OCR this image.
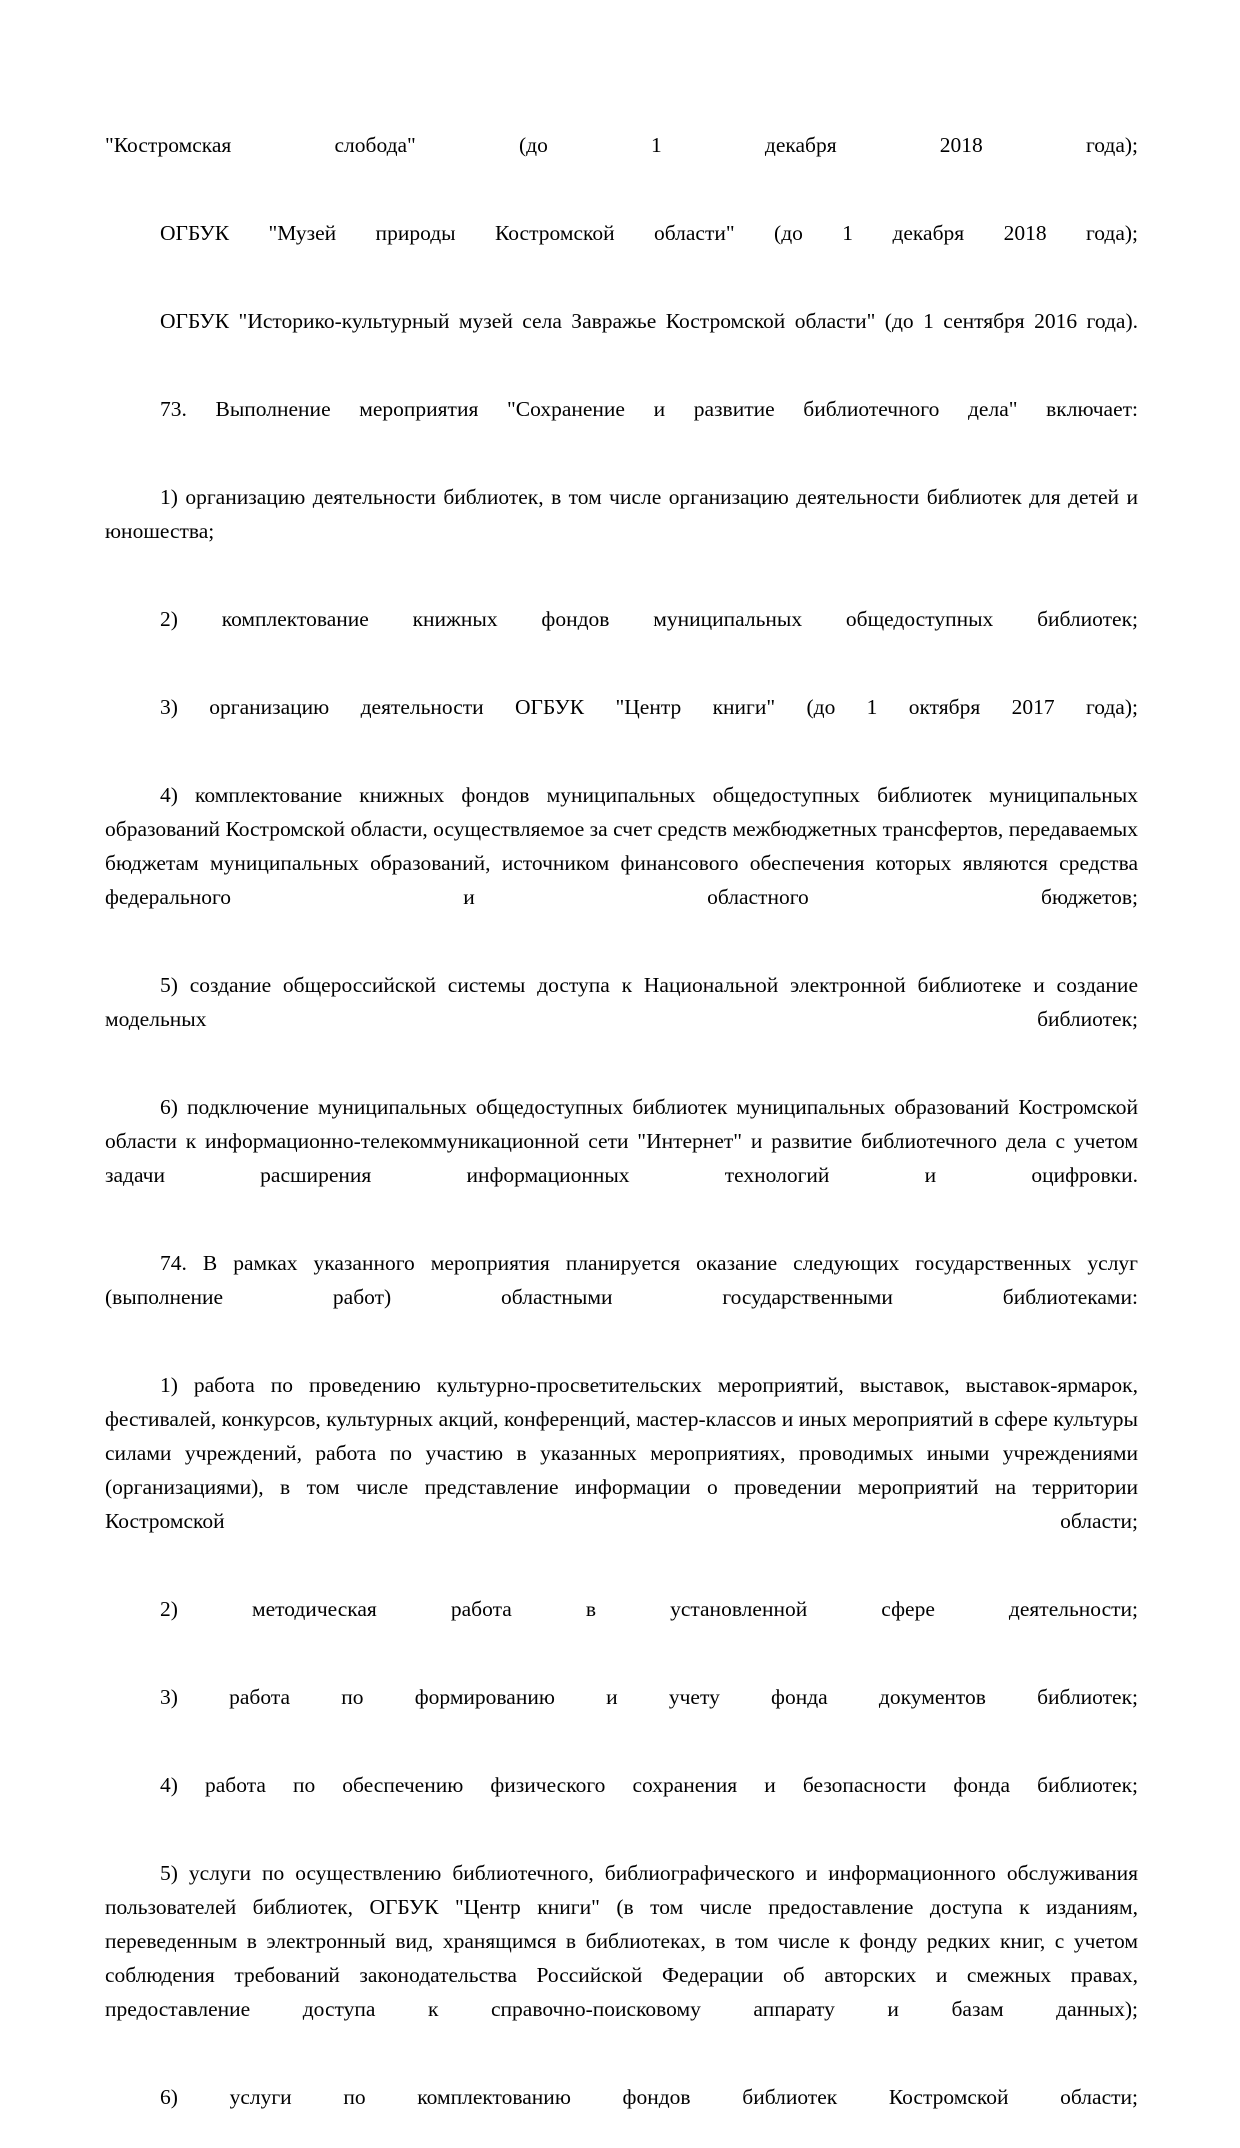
"Костромская слобода" (до 1 декабря 2018 года);

ОГБУК "Музей природы Костромской области" (до 1 декабря 2018 года);

ОГБУК "Историко-культурный музей села Завражье Костромской области" (до 1 сентября 2016 года).

73. Выполнение мероприятия "Сохранение и развитие библиотечного дела" включает:

1) организацию деятельности библиотек, в том числе организацию деятельности библиотек для детей и юношества;

2) комплектование книжных фондов муниципальных общедоступных библиотек;

3) организацию деятельности ОГБУК "Центр книги" (до 1 октября 2017 года);

4) комплектование книжных фондов муниципальных общедоступных библиотек муниципальных образований Костромской области, осуществляемое за счет средств межбюджетных трансфертов, передаваемых бюджетам муниципальных образований, источником финансового обеспечения которых являются средства федерального и областного бюджетов;

5) создание общероссийской системы доступа к Национальной электронной библиотеке и создание модельных библиотек;

6) подключение муниципальных общедоступных библиотек муниципальных образований Костромской области к информационно-телекоммуникационной сети "Интернет" и развитие библиотечного дела с учетом задачи расширения информационных технологий и оцифровки.

74. В рамках указанного мероприятия планируется оказание следующих государственных услуг (выполнение работ) областными государственными библиотеками:

1) работа по проведению культурно-просветительских мероприятий, выставок, выставок-ярмарок, фестивалей, конкурсов, культурных акций, конференций, мастер-классов и иных мероприятий в сфере культуры силами учреждений, работа по участию в указанных мероприятиях, проводимых иными учреждениями (организациями), в том числе представление информации о проведении мероприятий на территории Костромской области;

2) методическая работа в установленной сфере деятельности;

3) работа по формированию и учету фонда документов библиотек;

4) работа по обеспечению физического сохранения и безопасности фонда библиотек;

5) услуги по осуществлению библиотечного, библиографического и информационного обслуживания пользователей библиотек, ОГБУК "Центр книги" (в том числе предоставление доступа к изданиям, переведенным в электронный вид, хранящимся в библиотеках, в том числе к фонду редких книг, с учетом соблюдения требований законодательства Российской Федерации об авторских и смежных правах, предоставление доступа к справочно-поисковому аппарату и базам данных);

6) услуги по комплектованию фондов библиотек Костромской области;
